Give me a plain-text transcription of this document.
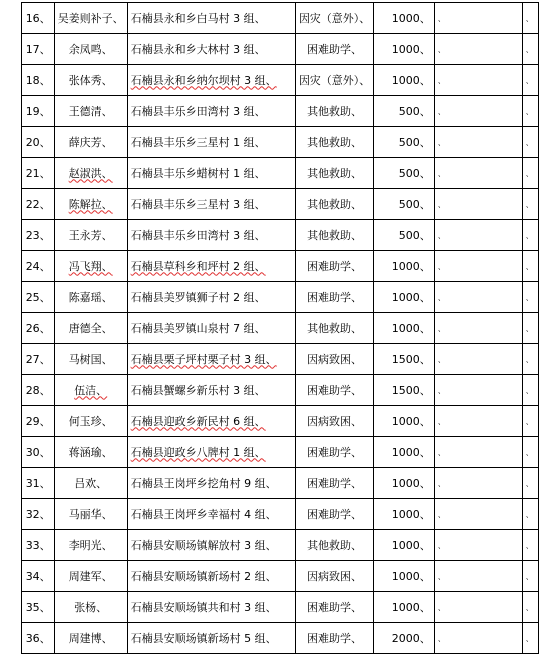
16、	吴姜则补子、	石楠县永和乡白马村 3 组、	因灾（意外）、	1000、	、	、
17、	余凤鸣、	石楠县永和乡大林村 3 组、	困难助学、	1000、	、	、
18、	张体秀、	石楠县永和乡纳尔坝村 3 组、	因灾（意外）、	1000、	、	、
19、	王德清、	石楠县丰乐乡田湾村 3 组、	其他救助、	500、	、	、
20、	薛庆芳、	石楠县丰乐乡三星村 1 组、	其他救助、	500、	、	、
21、	赵淑洪、	石楠县丰乐乡蜡树村 1 组、	其他救助、	500、	、	、
22、	陈解拉、	石楠县丰乐乡三星村 3 组、	其他救助、	500、	、	、
23、	王永芳、	石楠县丰乐乡田湾村 3 组、	其他救助、	500、	、	、
24、	冯飞翔、	石楠县草科乡和坪村 2 组、	困难助学、	1000、	、	、
25、	陈嘉瑶、	石楠县美罗镇狮子村 2 组、	困难助学、	1000、	、	、
26、	唐德全、	石楠县美罗镇山泉村 7 组、	其他救助、	1000、	、	、
27、	马树国、	石楠县栗子坪村栗子村 3 组、	因病致困、	1500、	、	、
28、	伍洁、	石楠县蟹螺乡新乐村 3 组、	困难助学、	1500、	、	、
29、	何玉珍、	石楠县迎政乡新民村 6 组、	因病致困、	1000、	、	、
30、	蒋涵瑜、	石楠县迎政乡八牌村 1 组、	困难助学、	1000、	、	、
31、	吕欢、	石楠县王岗坪乡挖角村 9 组、	困难助学、	1000、	、	、
32、	马丽华、	石楠县王岗坪乡幸福村 4 组、	困难助学、	1000、	、	、
33、	李明光、	石楠县安顺场镇解放村 3 组、	其他救助、	1000、	、	、
34、	周建军、	石楠县安顺场镇新场村 2 组、	因病致困、	1000、	、	、
35、	张杨、	石楠县安顺场镇共和村 3 组、	困难助学、	1000、	、	、
36、	周建博、	石楠县安顺场镇新场村 5 组、	困难助学、	2000、	、	、
